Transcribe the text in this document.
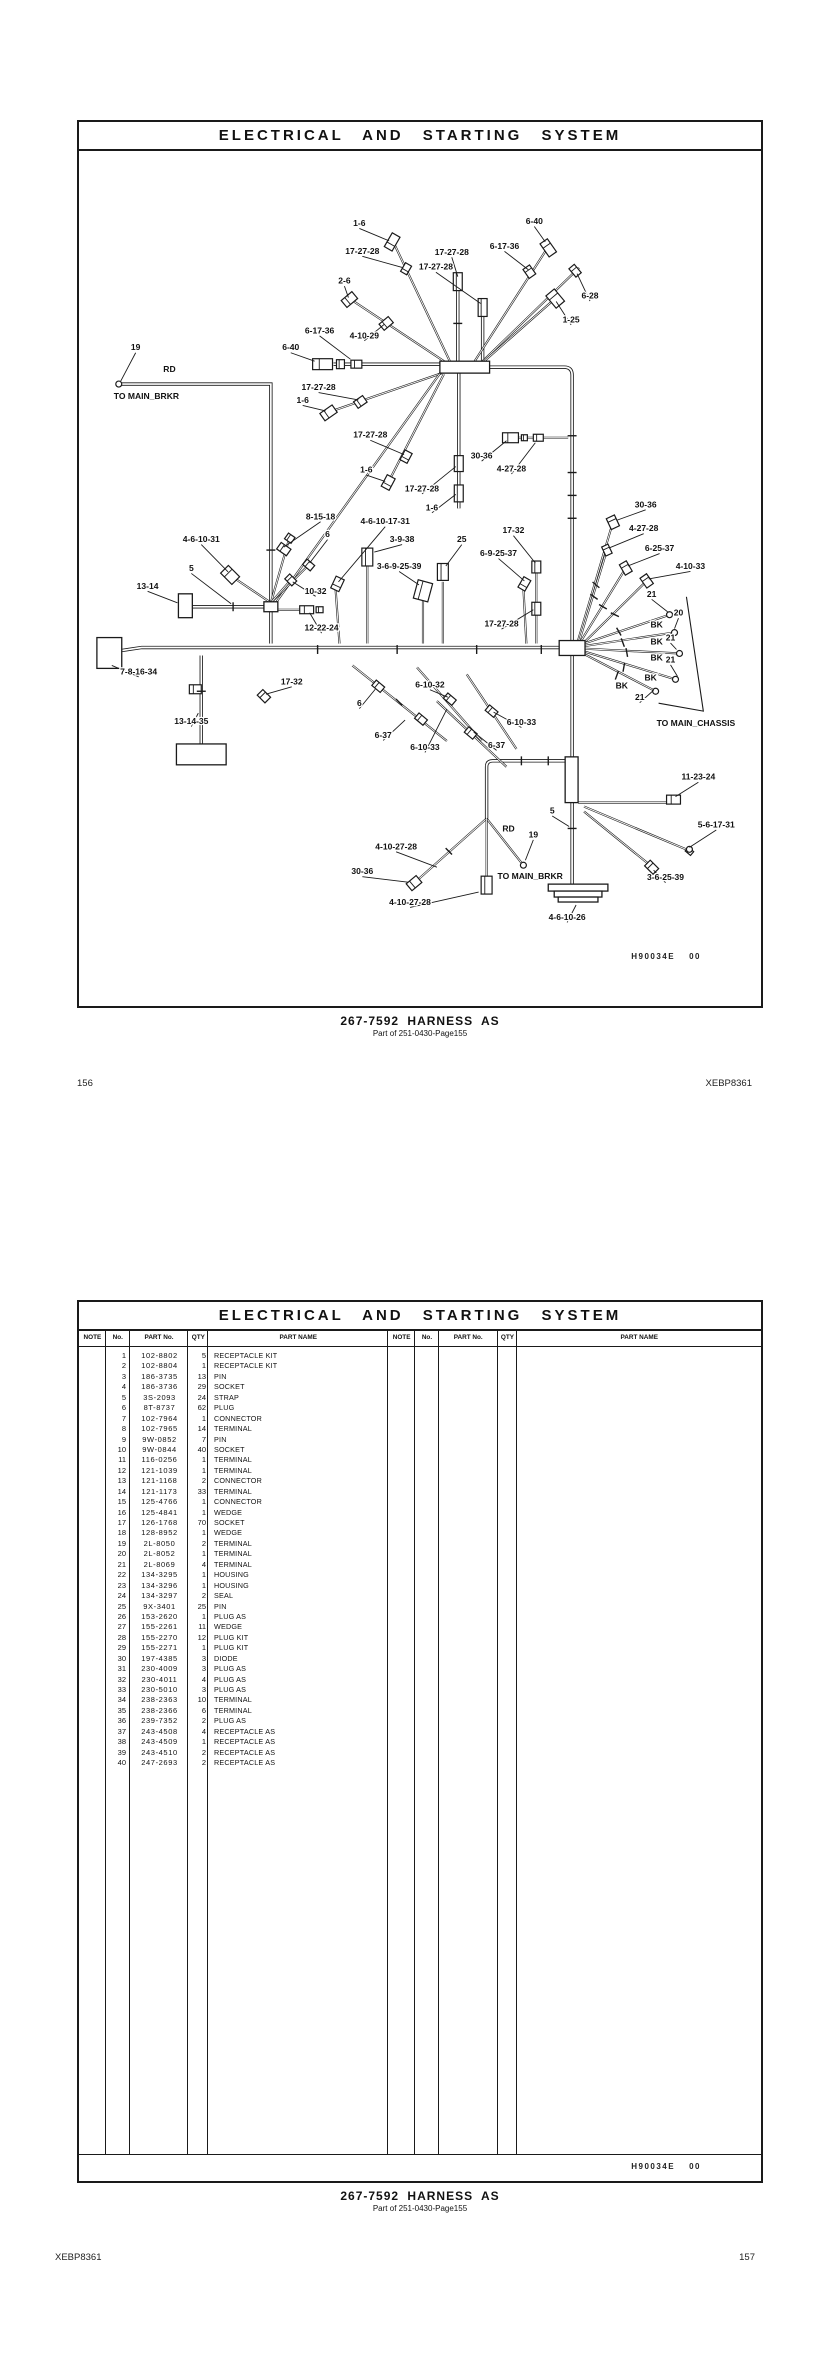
ELECTRICAL AND STARTING SYSTEM
1-6
17-27-28
2-6
6-17-36 4-10-29
6-40
17-27-28
17-27-28
6-17-36
6-40
6-28
1-25
19
RD
TO MAIN_BRKR
17-27-28
1-6
17-27-28
1-6
17-27-28
1-6
30-36
4-27-28
8-15-18
6
4-6-10-17-31
3-9-38	25
17-32
6-9-25-37
3-6-9-25-39
17-27-28
4-6-10-31
5
13-14	10-32
12-22-24
7-8-16-34
17-32
13-14-35
6
6-10-32
6-37
6-10-33
6-10-33
6-37
30-36
4-27-28
6-25-37
4-10-33
21
20
BK
21
BK
BK 21
BK
BK
21
TO MAIN_CHASSIS
11-23-24
5
5-6-17-31
3-6-25-39
4-6-10-26
RD
19
TO MAIN_BRKR
4-10-27-28
30-36
4-10-27-28
H90034E 00
267-7592 HARNESS AS
Part of 251-0430-Page155
156	XEBP8361
ELECTRICAL AND STARTING SYSTEM
NOTE	No.	PART No.	QTY	PART NAME	NOTE	No.	PART No.	QTY	PART NAME
1	102-8802	5	RECEPTACLE KIT
2	102-8804	1	RECEPTACLE KIT
3	186-3735	13	PIN
4	186-3736	29	SOCKET
5	3S-2093	24	STRAP
6	8T-8737	62	PLUG
7	102-7964	1	CONNECTOR
8	102-7965	14	TERMINAL
9	9W-0852	7	PIN
10	9W-0844	40	SOCKET
11	116-0256	1	TERMINAL
12	121-1039	1	TERMINAL
13	121-1168	2	CONNECTOR
14	121-1173	33	TERMINAL
15	125-4766	1	CONNECTOR
16	125-4841	1	WEDGE
17	126-1768	70	SOCKET
18	128-8952	1	WEDGE
19	2L-8050	2	TERMINAL
20	2L-8052	1	TERMINAL
21	2L-8069	4	TERMINAL
22	134-3295	1	HOUSING
23	134-3296	1	HOUSING
24	134-3297	2	SEAL
25	9X-3401	25	PIN
26	153-2620	1	PLUG AS
27	155-2261	11	WEDGE
28	155-2270	12	PLUG KIT
29	155-2271	1	PLUG KIT
30	197-4385	3	DIODE
31	230-4009	3	PLUG AS
32	230-4011	4	PLUG AS
33	230-5010	3	PLUG AS
34	238-2363	10	TERMINAL
35	238-2366	6	TERMINAL
36	239-7352	2	PLUG AS
37	243-4508	4	RECEPTACLE AS
38	243-4509	1	RECEPTACLE AS
39	243-4510	2	RECEPTACLE AS
40	247-2693	2	RECEPTACLE AS
H90034E 00
267-7592 HARNESS AS
Part of 251-0430-Page155
XEBP8361	157
